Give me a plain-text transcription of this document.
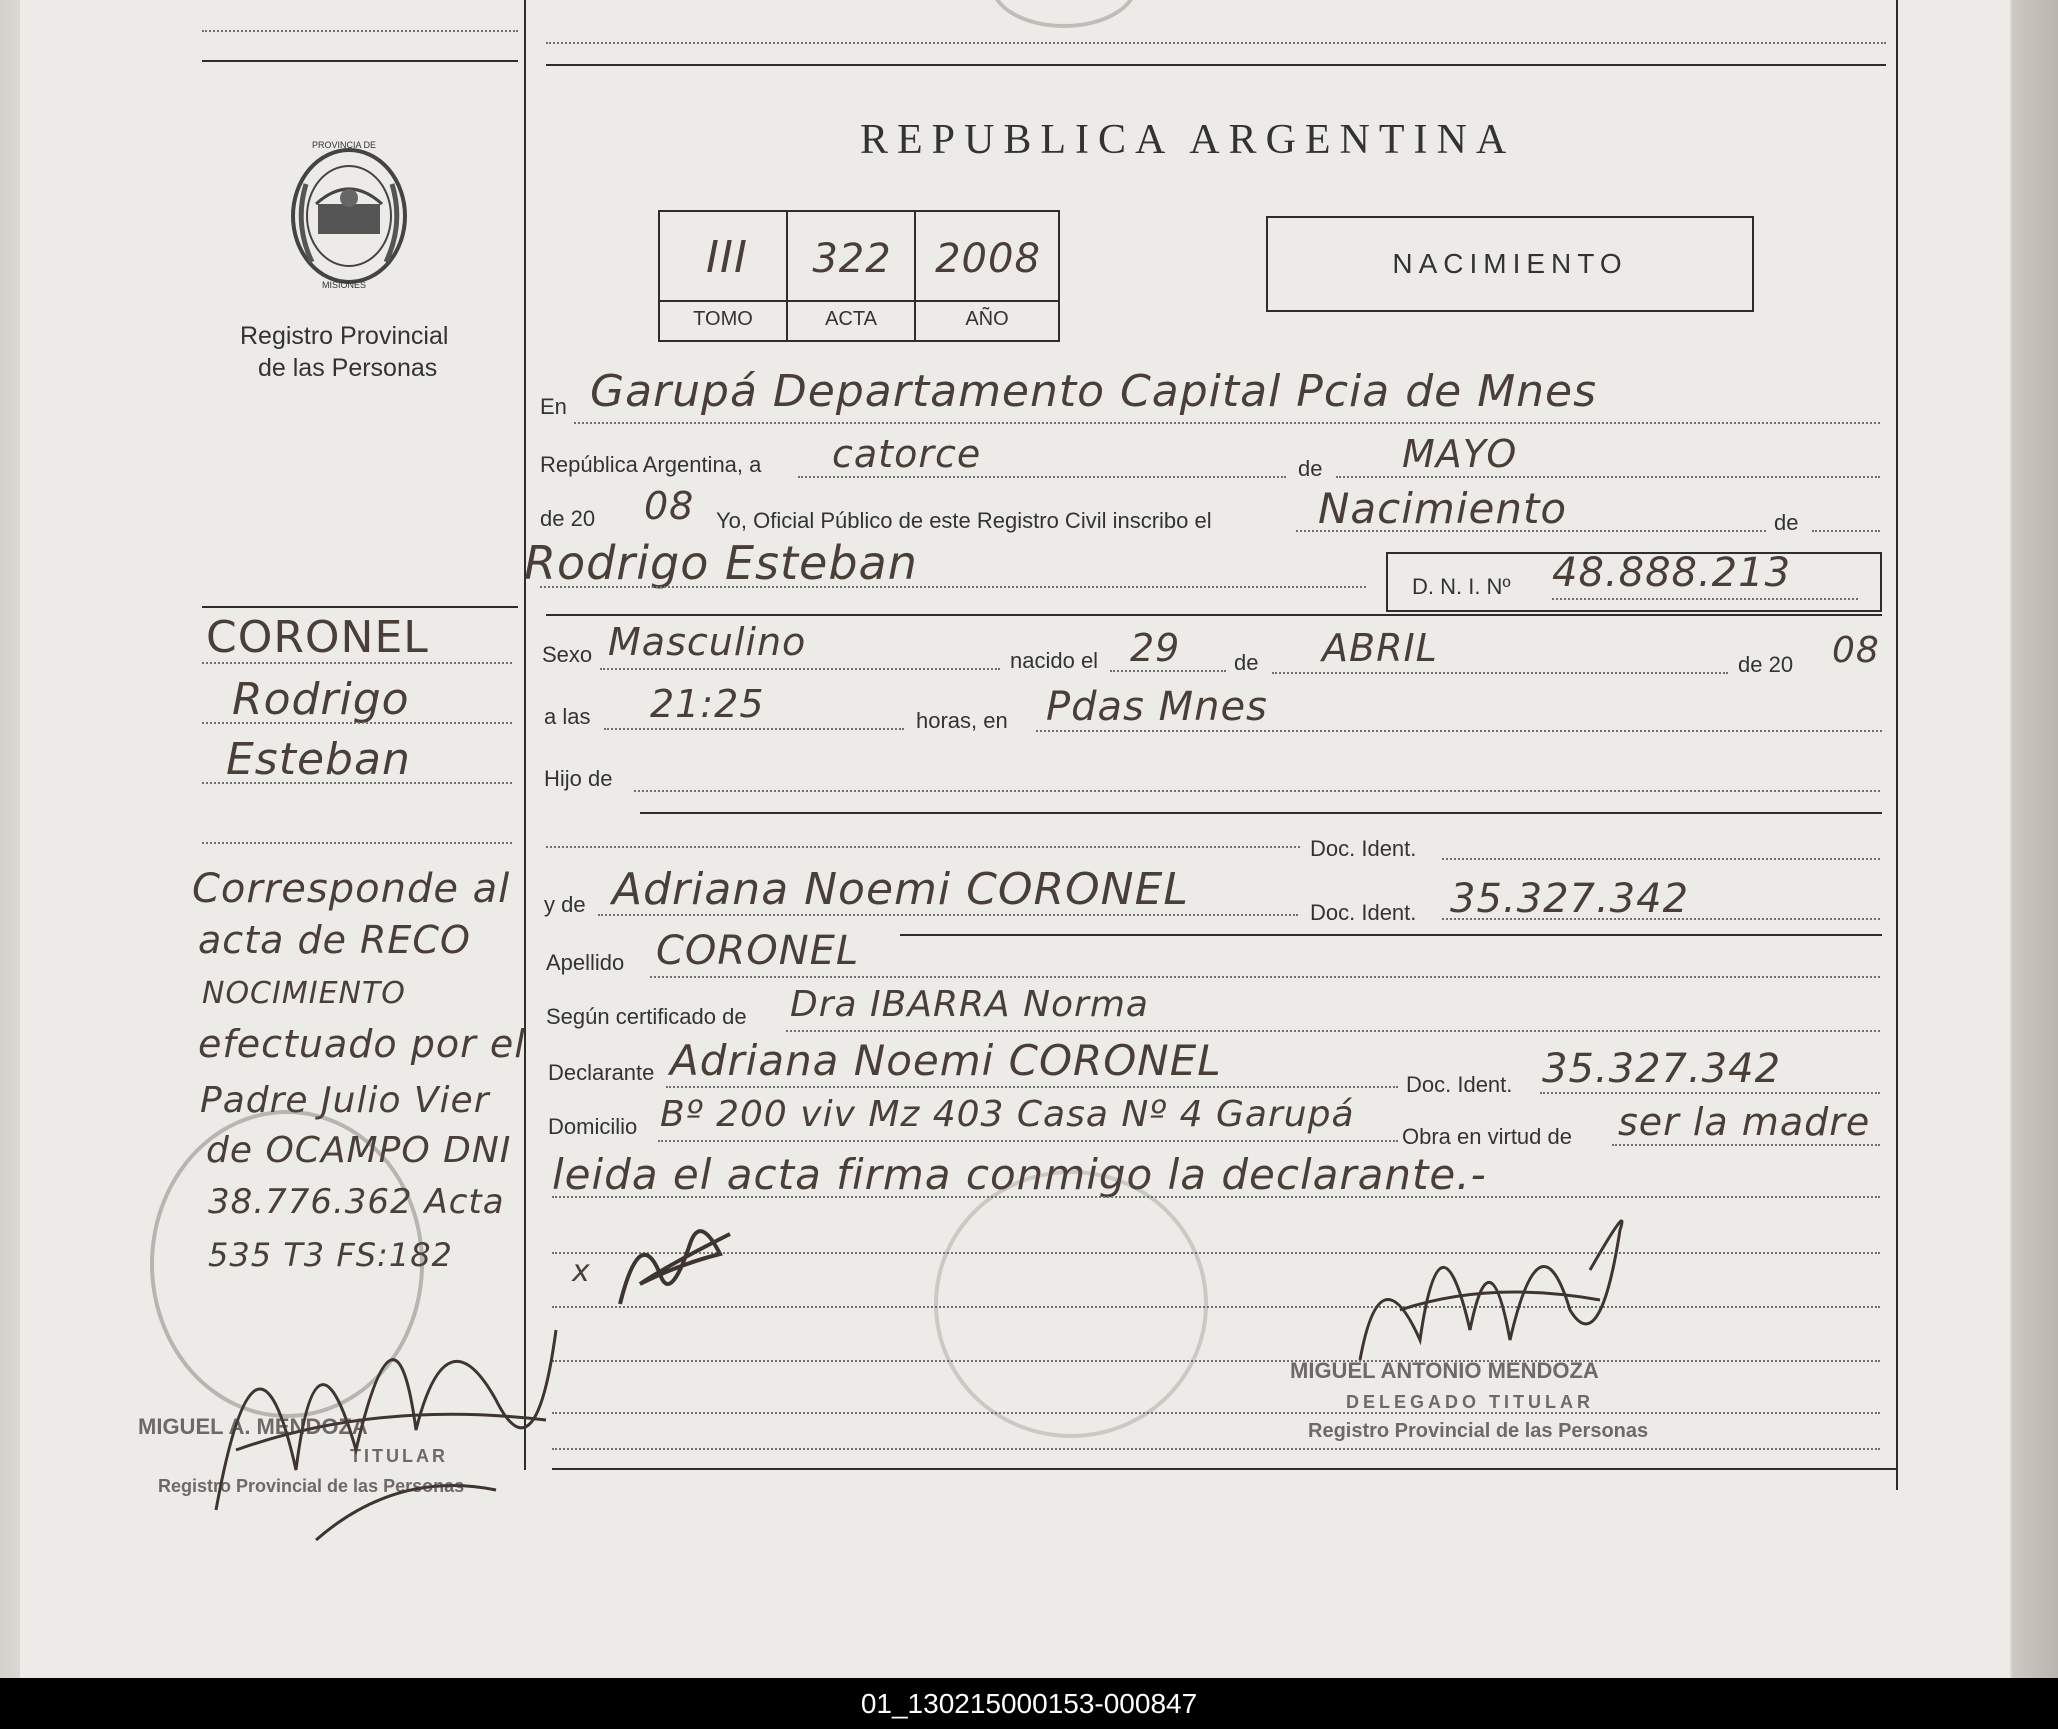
REPUBLICA ARGENTINA
PROVINCIA DE
MISIONES
Registro Provincial
de las Personas
III	322	2008
TOMO	ACTA	AÑO
NACIMIENTO
En Garupá Departamento Capital Pcia de Mnes
República Argentina, a catorce	de MAYO
de 20 08 Yo, Oficial Público de este Registro Civil inscribo el	Nacimiento	de
Rodrigo Esteban	D. N. I. Nº 48.888.213
Sexo Masculino	nacido el 29 de ABRIL	de 20 08
a las 21:25	horas, en Pdas Mnes
Hijo de
Doc. Ident.
y de Adriana Noemi CORONEL	Doc. Ident. 35.327.342
Apellido CORONEL
Según certificado de Dra IBARRA Norma
Declarante Adriana Noemi CORONEL	Doc. Ident. 35.327.342
Domicilio Bº 200 viv Mz 403 Casa Nº 4 Garupá
Obra en virtud de ser la madre
leida el acta firma conmigo la declarante.-
CORONEL
Rodrigo
Esteban
Corresponde al
acta de RECO
NOCIMIENTO
efectuado por el
Padre Julio Vier
de OCAMPO DNI
38.776.362 Acta
535 T3 FS:182	x
MIGUEL ANTONIO MENDOZA
DELEGADO TITULAR
Registro Provincial de las Personas
MIGUEL A. MENDOZA
TITULAR
Registro Provincial de las Personas
01_130215000153-000847
